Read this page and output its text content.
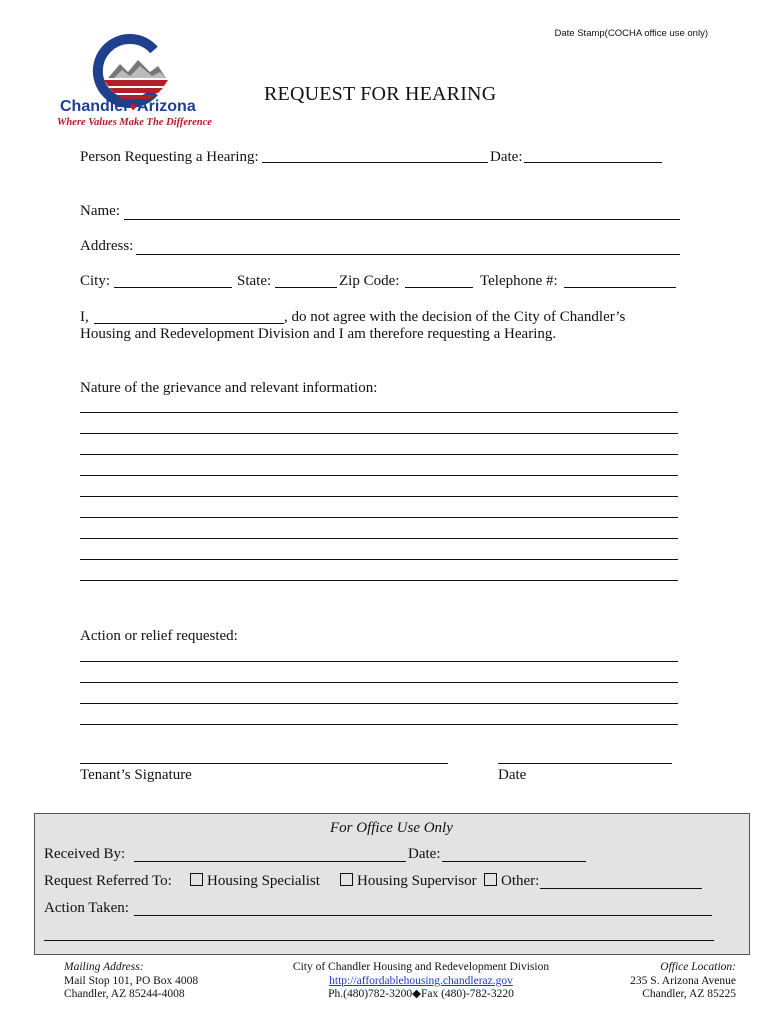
Date Stamp(COCHA office use only)
Chandler◆Arizona
Where Values Make The Difference
REQUEST FOR HEARING
Person Requesting a Hearing:	Date:
Name:
Address:
City:	State:	Zip Code:	Telephone #:
I,	, do not agree with the decision of the City of Chandler’s
Housing and Redevelopment Division and I am therefore requesting a Hearing.
Nature of the grievance and relevant information:
Action or relief requested:
Tenant’s Signature	Date
For Office Use Only
Received By:	Date:
Request Referred To:	Housing Specialist	Housing Supervisor	Other:
Action Taken:
Mailing Address:
Mail Stop 101, PO Box 4008
Chandler, AZ 85244-4008
City of Chandler Housing and Redevelopment Division
http://affordablehousing.chandleraz.gov
Ph.(480)782-3200◆Fax (480)-782-3220
Office Location:
235 S. Arizona Avenue
Chandler, AZ 85225
